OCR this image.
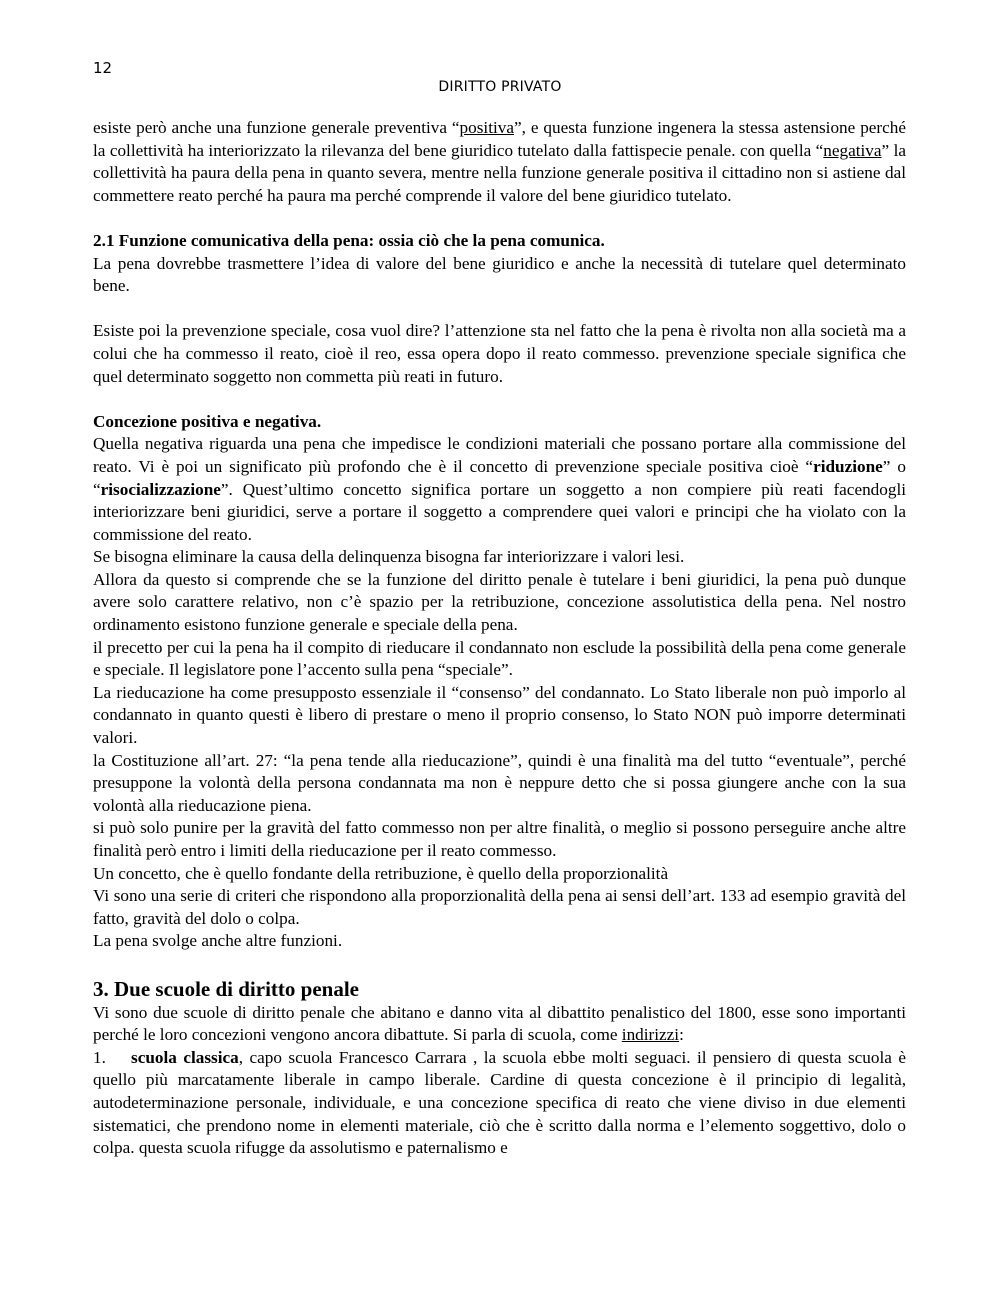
12
DIRITTO PRIVATO

esiste però anche una funzione generale preventiva “positiva”, e questa funzione ingenera la stessa astensione perché la collettività ha interiorizzato la rilevanza del bene giuridico tutelato dalla fattispecie penale. con quella “negativa” la collettività ha paura della pena in quanto severa, mentre nella funzione generale positiva il cittadino non si astiene dal commettere reato perché ha paura ma perché comprende il valore del bene giuridico tutelato.

2.1 Funzione comunicativa della pena: ossia ciò che la pena comunica.

La pena dovrebbe trasmettere l’idea di valore del bene giuridico e anche la necessità di tutelare quel determinato bene.

Esiste poi la prevenzione speciale, cosa vuol dire? l’attenzione sta nel fatto che la pena è rivolta non alla società ma a colui che ha commesso il reato, cioè il reo, essa opera dopo il reato commesso. prevenzione speciale significa che quel determinato soggetto non commetta più reati in futuro.

Concezione positiva e negativa.

Quella negativa riguarda una pena che impedisce le condizioni materiali che possano portare alla commissione del reato. Vi è poi un significato più profondo che è il concetto di prevenzione speciale positiva cioè “riduzione” o “risocializzazione”. Quest’ultimo concetto significa portare un soggetto a non compiere più reati facendogli interiorizzare beni giuridici, serve a portare il soggetto a comprendere quei valori e principi che ha violato con la commissione del reato.

Se bisogna eliminare la causa della delinquenza bisogna far interiorizzare i valori lesi.

Allora da questo si comprende che se la funzione del diritto penale è tutelare i beni giuridici, la pena può dunque avere solo carattere relativo, non c’è spazio per la retribuzione, concezione assolutistica della pena. Nel nostro ordinamento esistono funzione generale e speciale della pena.

il precetto per cui la pena ha il compito di rieducare il condannato non esclude la possibilità della pena come generale e speciale. Il legislatore pone l’accento sulla pena “speciale”.

La rieducazione ha come presupposto essenziale il “consenso” del condannato. Lo Stato liberale non può imporlo al condannato in quanto questi è libero di prestare o meno il proprio consenso, lo Stato NON può imporre determinati valori.

la Costituzione all’art. 27: “la pena tende alla rieducazione”, quindi è una finalità ma del tutto “eventuale”, perché presuppone la volontà della persona condannata ma non è neppure detto che si possa giungere anche con la sua volontà alla rieducazione piena.

si può solo punire per la gravità del fatto commesso non per altre finalità, o meglio si possono perseguire anche altre finalità però entro i limiti della rieducazione per il reato commesso.

Un concetto, che è quello fondante della retribuzione, è quello della proporzionalità

Vi sono una serie di criteri che rispondono alla proporzionalità della pena ai sensi dell’art. 133 ad esempio gravità del fatto, gravità del dolo o colpa.

La pena svolge anche altre funzioni.

3. Due scuole di diritto penale

Vi sono due scuole di diritto penale che abitano e danno vita al dibattito penalistico del 1800, esse sono importanti perché le loro concezioni vengono ancora dibattute. Si parla di scuola, come indirizzi:

1. scuola classica, capo scuola Francesco Carrara , la scuola ebbe molti seguaci. il pensiero di questa scuola è quello più marcatamente liberale in campo liberale. Cardine di questa concezione è il principio di legalità, autodeterminazione personale, individuale, e una concezione specifica di reato che viene diviso in due elementi sistematici, che prendono nome in elementi materiale, ciò che è scritto dalla norma e l’elemento soggettivo, dolo o colpa. questa scuola rifugge da assolutismo e paternalismo e
